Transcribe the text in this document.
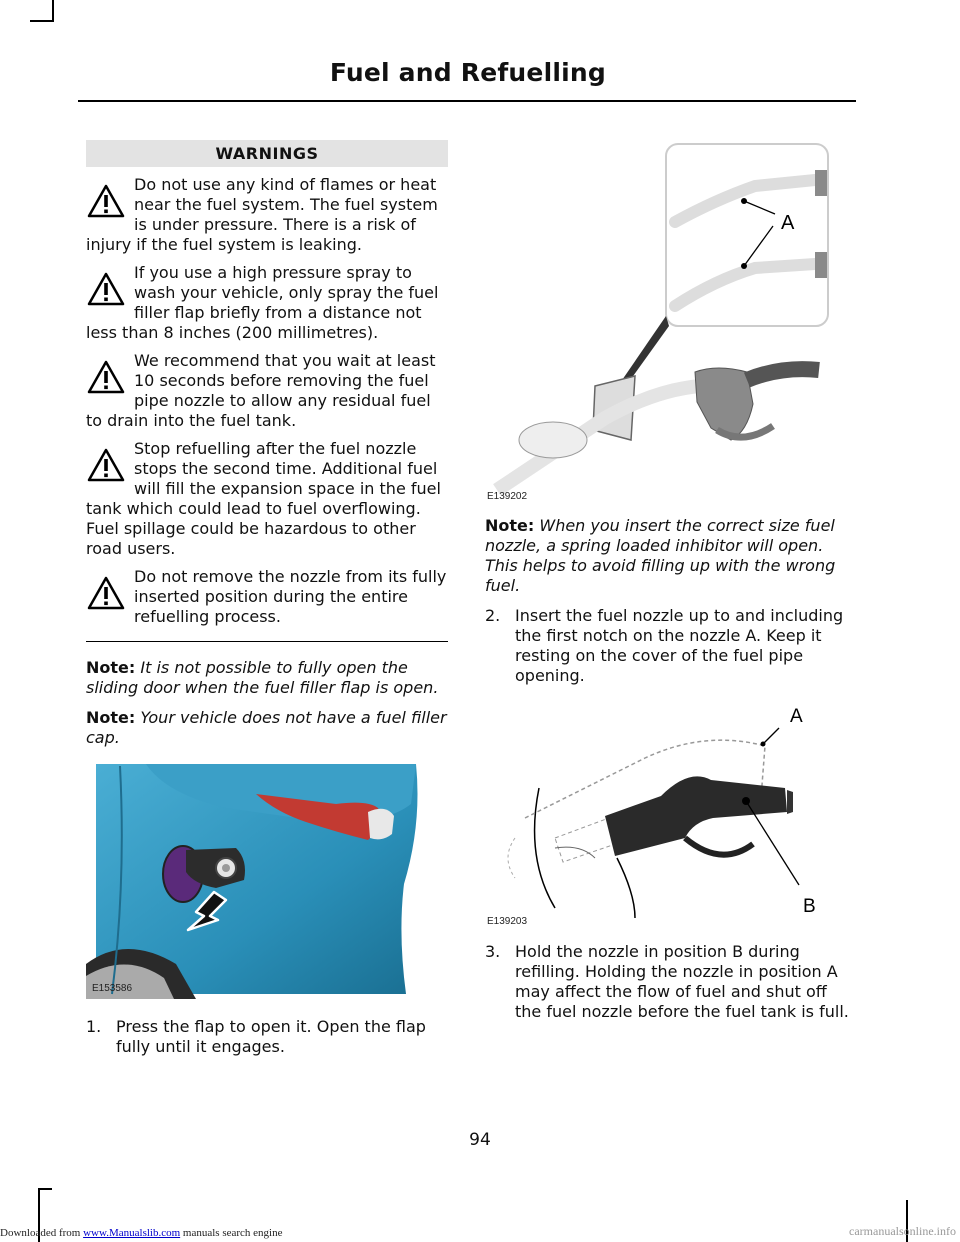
Fuel and Refuelling
WARNINGS
Do not use any kind of flames or heat near the fuel system. The fuel system is under pressure. There is a risk of injury if the fuel system is leaking.
If you use a high pressure spray to wash your vehicle, only spray the fuel filler flap briefly from a distance not less than 8 inches (200 millimetres).
We recommend that you wait at least 10 seconds before removing the fuel pipe nozzle to allow any residual fuel to drain into the fuel tank.
Stop refuelling after the fuel nozzle stops the second time. Additional fuel will fill the expansion space in the fuel tank which could lead to fuel overflowing. Fuel spillage could be hazardous to other road users.
Do not remove the nozzle from its fully inserted position during the entire refuelling process.

Note: It is not possible to fully open the sliding door when the fuel filler flap is open.

Note: Your vehicle does not have a fuel filler cap.

E153586
1. Press the flap to open it. Open the flap fully until it engages.
A
E139202

Note: When you insert the correct size fuel nozzle, a spring loaded inhibitor will open. This helps to avoid filling up with the wrong fuel.

2. Insert the fuel nozzle up to and including the first notch on the nozzle A. Keep it resting on the cover of the fuel pipe opening.
A
B
E139203
3. Hold the nozzle in position B during refilling. Holding the nozzle in position A may affect the flow of fuel and shut off the fuel nozzle before the fuel tank is full.
94
Downloaded from www.Manualslib.com manuals search engine	carmanualsonline.info
